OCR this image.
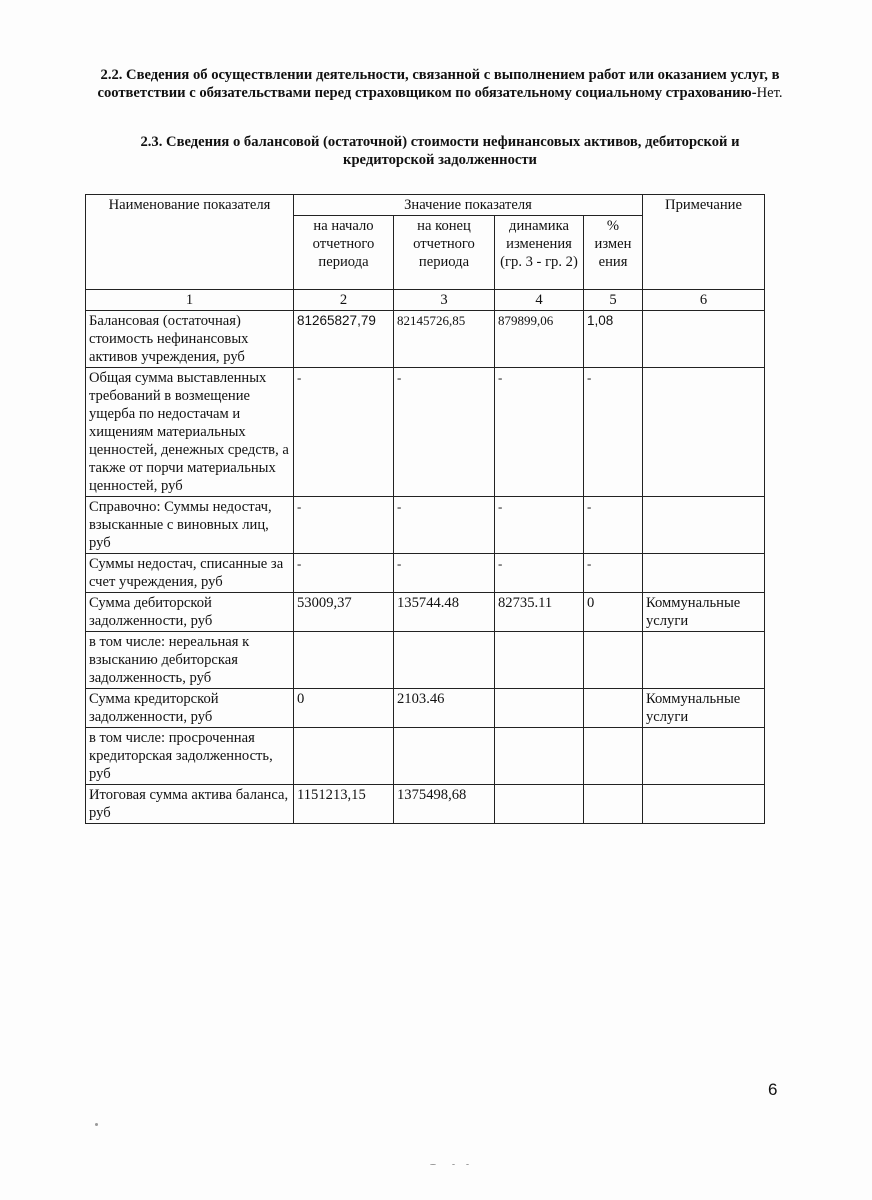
2.2. Сведения об осуществлении деятельности, связанной с выполнением работ или оказанием услуг, в соответствии с обязательствами перед страховщиком по обязательному социальному страхованию-Нет.
2.3. Сведения о балансовой (остаточной) стоимости нефинансовых активов, дебиторской и кредиторской задолженности
Наименование показателя	Значение показателя				Примечание
	на начало отчетного периода	на конец отчетного периода	динамика изменения (гр. 3 - гр. 2)	% измен ения	
1	2	3	4	5	6
Балансовая (остаточная) стоимость нефинансовых активов учреждения, руб	81265827,79	82145726,85	879899,06	1,08	
Общая сумма выставленных требований в возмещение ущерба по недостачам и хищениям материальных ценностей, денежных средств, а также от порчи материальных ценностей, руб	-	-	-	-	
Справочно: Суммы недостач, взысканные с виновных лиц, руб	-	-	-	-	
Суммы недостач, списанные за счет учреждения, руб	-	-	-	-	
Сумма дебиторской задолженности, руб	53009,37	135744.48	82735.11	0	Коммунальные услуги
в том числе: нереальная к взысканию дебиторская задолженность, руб					
Сумма кредиторской задолженности, руб	0	2103.46			Коммунальные услуги
в том числе: просроченная кредиторская задолженность, руб					
Итоговая сумма актива баланса, руб	1151213,15	1375498,68			
6
